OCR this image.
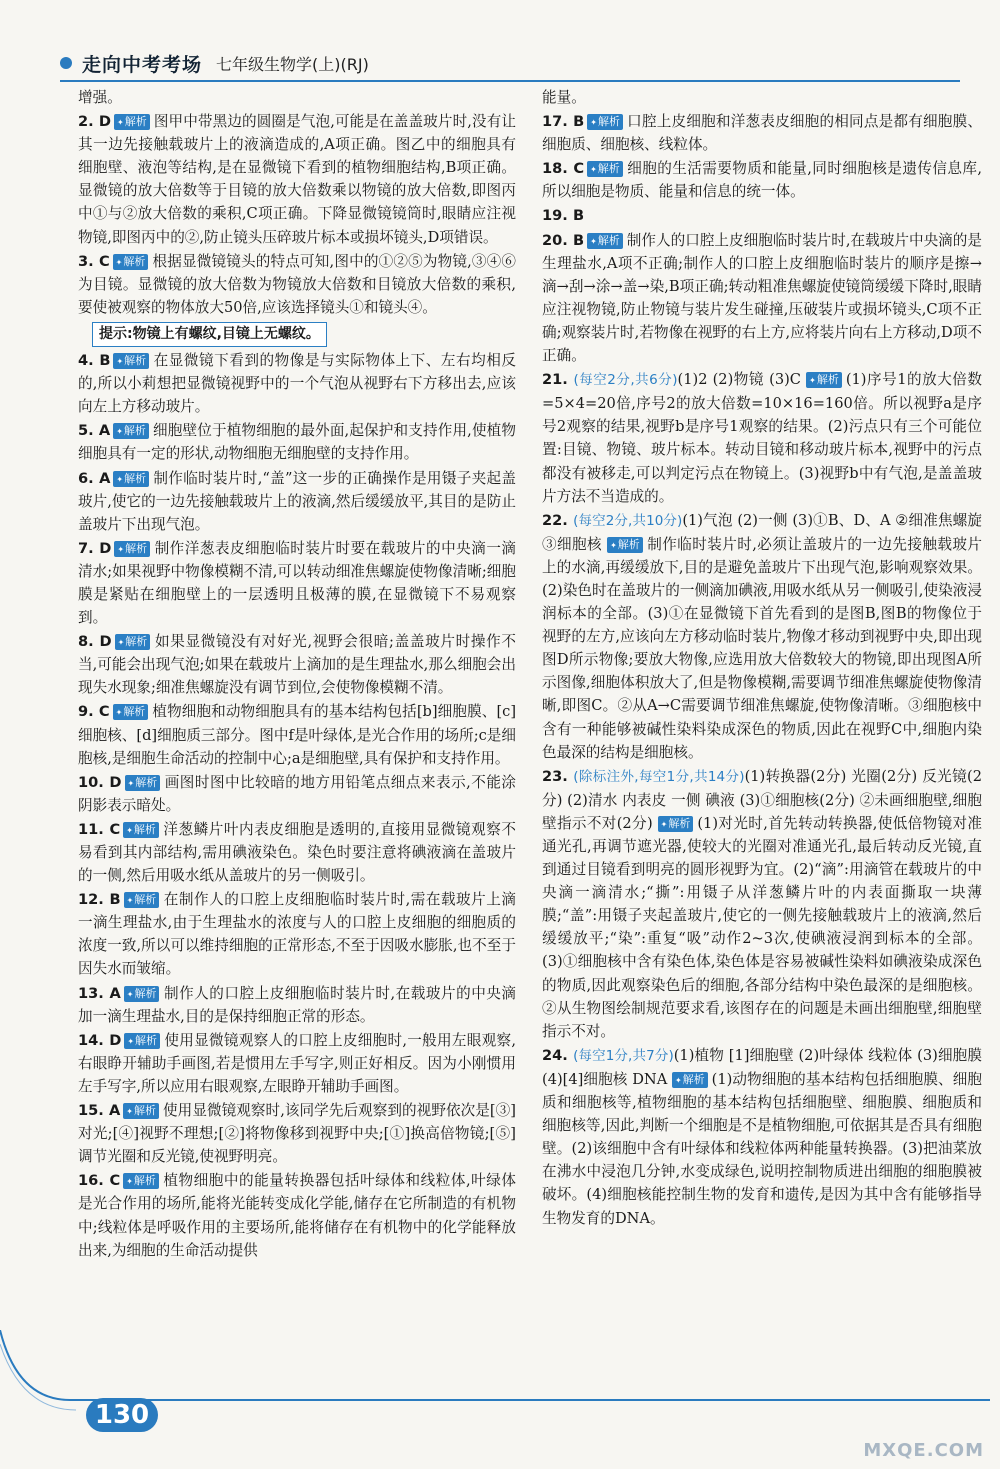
走向中考考场 七年级生物学(上)(RJ)
增强。
2. D ✦ 解析 图甲中带黑边的圆圈是气泡,可能是在盖盖玻片时,没有让其一边先接触载玻片上的液滴造成的,A项正确。图乙中的细胞具有细胞壁、液泡等结构,是在显微镜下看到的植物细胞结构,B项正确。显微镜的放大倍数等于目镜的放大倍数乘以物镜的放大倍数,即图丙中①与②放大倍数的乘积,C项正确。下降显微镜镜筒时,眼睛应注视物镜,即图丙中的②,防止镜头压碎玻片标本或损坏镜头,D项错误。
3. C ✦ 解析 根据显微镜镜头的特点可知,图中的①②⑤为物镜,③④⑥为目镜。显微镜的放大倍数为物镜放大倍数和目镜放大倍数的乘积,要使被观察的物体放大50倍,应该选择镜头①和镜头④。
提示:物镜上有螺纹,目镜上无螺纹。
4. B ✦ 解析 在显微镜下看到的物像是与实际物体上下、左右均相反的,所以小莉想把显微镜视野中的一个气泡从视野右下方移出去,应该向左上方移动玻片。
5. A ✦ 解析 细胞壁位于植物细胞的最外面,起保护和支持作用,使植物细胞具有一定的形状,动物细胞无细胞壁的支持作用。
6. A ✦ 解析 制作临时装片时,“盖”这一步的正确操作是用镊子夹起盖玻片,使它的一边先接触载玻片上的液滴,然后缓缓放平,其目的是防止盖玻片下出现气泡。
7. D ✦ 解析 制作洋葱表皮细胞临时装片时要在载玻片的中央滴一滴清水;如果视野中物像模糊不清,可以转动细准焦螺旋使物像清晰;细胞膜是紧贴在细胞壁上的一层透明且极薄的膜,在显微镜下不易观察到。
8. D ✦ 解析 如果显微镜没有对好光,视野会很暗;盖盖玻片时操作不当,可能会出现气泡;如果在载玻片上滴加的是生理盐水,那么细胞会出现失水现象;细准焦螺旋没有调节到位,会使物像模糊不清。
9. C ✦ 解析 植物细胞和动物细胞具有的基本结构包括[b]细胞膜、[c]细胞核、[d]细胞质三部分。图中f是叶绿体,是光合作用的场所;c是细胞核,是细胞生命活动的控制中心;a是细胞壁,具有保护和支持作用。
10. D ✦ 解析 画图时图中比较暗的地方用铅笔点细点来表示,不能涂阴影表示暗处。
11. C ✦ 解析 洋葱鳞片叶内表皮细胞是透明的,直接用显微镜观察不易看到其内部结构,需用碘液染色。染色时要注意将碘液滴在盖玻片的一侧,然后用吸水纸从盖玻片的另一侧吸引。
12. B ✦ 解析 在制作人的口腔上皮细胞临时装片时,需在载玻片上滴一滴生理盐水,由于生理盐水的浓度与人的口腔上皮细胞的细胞质的浓度一致,所以可以维持细胞的正常形态,不至于因吸水膨胀,也不至于因失水而皱缩。
13. A ✦ 解析 制作人的口腔上皮细胞临时装片时,在载玻片的中央滴加一滴生理盐水,目的是保持细胞正常的形态。
14. D ✦ 解析 使用显微镜观察人的口腔上皮细胞时,一般用左眼观察,右眼睁开辅助手画图,若是惯用左手写字,则正好相反。因为小刚惯用左手写字,所以应用右眼观察,左眼睁开辅助手画图。
15. A ✦ 解析 使用显微镜观察时,该同学先后观察到的视野依次是[③]对光;[④]视野不理想;[②]将物像移到视野中央;[①]换高倍物镜;[⑤]调节光圈和反光镜,使视野明亮。
16. C ✦ 解析 植物细胞中的能量转换器包括叶绿体和线粒体,叶绿体是光合作用的场所,能将光能转变成化学能,储存在它所制造的有机物中;线粒体是呼吸作用的主要场所,能将储存在有机物中的化学能释放出来,为细胞的生命活动提供
能量。
17. B ✦ 解析 口腔上皮细胞和洋葱表皮细胞的相同点是都有细胞膜、细胞质、细胞核、线粒体。
18. C ✦ 解析 细胞的生活需要物质和能量,同时细胞核是遗传信息库,所以细胞是物质、能量和信息的统一体。
19. B
20. B ✦ 解析 制作人的口腔上皮细胞临时装片时,在载玻片中央滴的是生理盐水,A项不正确;制作人的口腔上皮细胞临时装片的顺序是擦→滴→刮→涂→盖→染,B项正确;转动粗准焦螺旋使镜筒缓缓下降时,眼睛应注视物镜,防止物镜与装片发生碰撞,压破装片或损坏镜头,C项不正确;观察装片时,若物像在视野的右上方,应将装片向右上方移动,D项不正确。
21. (每空2分,共6分)(1)2 (2)物镜 (3)C ✦ 解析 (1)序号1的放大倍数=5×4=20倍,序号2的放大倍数=10×16=160倍。所以视野a是序号2观察的结果,视野b是序号1观察的结果。(2)污点只有三个可能位置:目镜、物镜、玻片标本。转动目镜和移动玻片标本,视野中的污点都没有被移走,可以判定污点在物镜上。(3)视野b中有气泡,是盖盖玻片方法不当造成的。
22. (每空2分,共10分)(1)气泡 (2)一侧 (3)①B、D、A ②细准焦螺旋 ③细胞核 ✦ 解析 制作临时装片时,必须让盖玻片的一边先接触载玻片上的水滴,再缓缓放下,目的是避免盖玻片下出现气泡,影响观察效果。(2)染色时在盖玻片的一侧滴加碘液,用吸水纸从另一侧吸引,使染液浸润标本的全部。(3)①在显微镜下首先看到的是图B,图B的物像位于视野的左方,应该向左方移动临时装片,物像才移动到视野中央,即出现图D所示物像;要放大物像,应选用放大倍数较大的物镜,即出现图A所示图像,细胞体积放大了,但是物像模糊,需要调节细准焦螺旋使物像清晰,即图C。②从A→C需要调节细准焦螺旋,使物像清晰。③细胞核中含有一种能够被碱性染料染成深色的物质,因此在视野C中,细胞内染色最深的结构是细胞核。
23. (除标注外,每空1分,共14分)(1)转换器(2分) 光圈(2分) 反光镜(2分) (2)清水 内表皮 一侧 碘液 (3)①细胞核(2分) ②未画细胞壁,细胞壁指示不对(2分) ✦ 解析 (1)对光时,首先转动转换器,使低倍物镜对准通光孔,再调节遮光器,使较大的光圈对准通光孔,最后转动反光镜,直到通过目镜看到明亮的圆形视野为宜。(2)“滴”:用滴管在载玻片的中央滴一滴清水;“撕”:用镊子从洋葱鳞片叶的内表面撕取一块薄膜;“盖”:用镊子夹起盖玻片,使它的一侧先接触载玻片上的液滴,然后缓缓放平;“染”:重复“吸”动作2~3次,使碘液浸润到标本的全部。(3)①细胞核中含有染色体,染色体是容易被碱性染料如碘液染成深色的物质,因此观察染色后的细胞,各部分结构中染色最深的是细胞核。②从生物图绘制规范要求看,该图存在的问题是未画出细胞壁,细胞壁指示不对。
24. (每空1分,共7分)(1)植物 [1]细胞壁 (2)叶绿体 线粒体 (3)细胞膜 (4)[4]细胞核 DNA ✦ 解析 (1)动物细胞的基本结构包括细胞膜、细胞质和细胞核等,植物细胞的基本结构包括细胞壁、细胞膜、细胞质和细胞核等,因此,判断一个细胞是不是植物细胞,可依据其是否具有细胞壁。(2)该细胞中含有叶绿体和线粒体两种能量转换器。(3)把油菜放在沸水中浸泡几分钟,水变成绿色,说明控制物质进出细胞的细胞膜被破坏。(4)细胞核能控制生物的发育和遗传,是因为其中含有能够指导生物发育的DNA。
130
MXQE.COM
